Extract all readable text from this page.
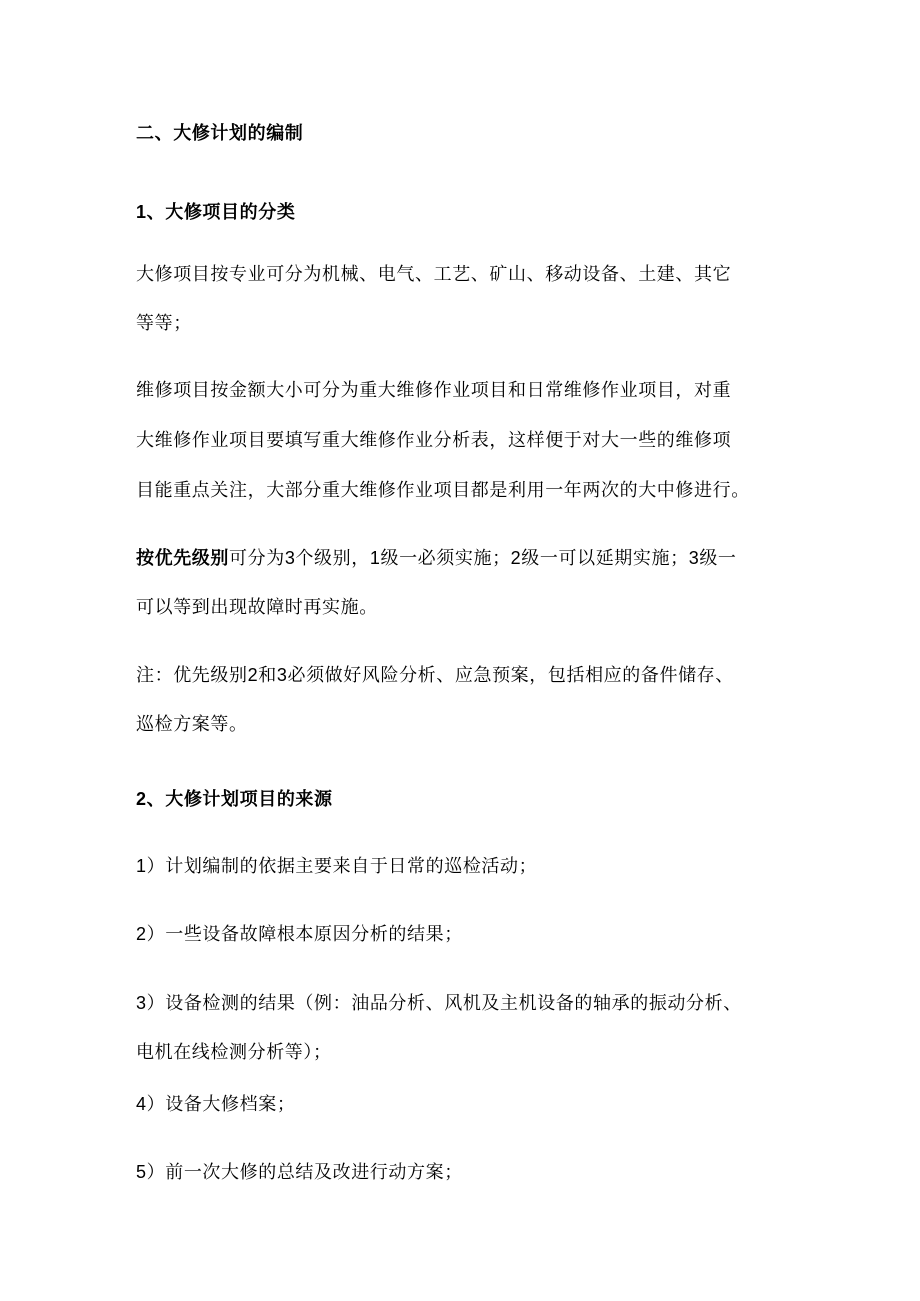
二、大修计划的编制
1、大修项目的分类
大修项目按专业可分为机械、电气、工艺、矿山、移动设备、土建、其它
等等；
维修项目按金额大小可分为重大维修作业项目和日常维修作业项目，对重
大维修作业项目要填写重大维修作业分析表，这样便于对大一些的维修项
目能重点关注，大部分重大维修作业项目都是利用一年两次的大中修进行。
按优先级别可分为3个级别，1级一必须实施；2级一可以延期实施；3级一
可以等到出现故障时再实施。
注：优先级别2和3必须做好风险分析、应急预案，包括相应的备件储存、
巡检方案等。
2、大修计划项目的来源
1）计划编制的依据主要来自于日常的巡检活动；
2）一些设备故障根本原因分析的结果；
3）设备检测的结果（例：油品分析、风机及主机设备的轴承的振动分析、
电机在线检测分析等）；
4）设备大修档案；
5）前一次大修的总结及改进行动方案；
